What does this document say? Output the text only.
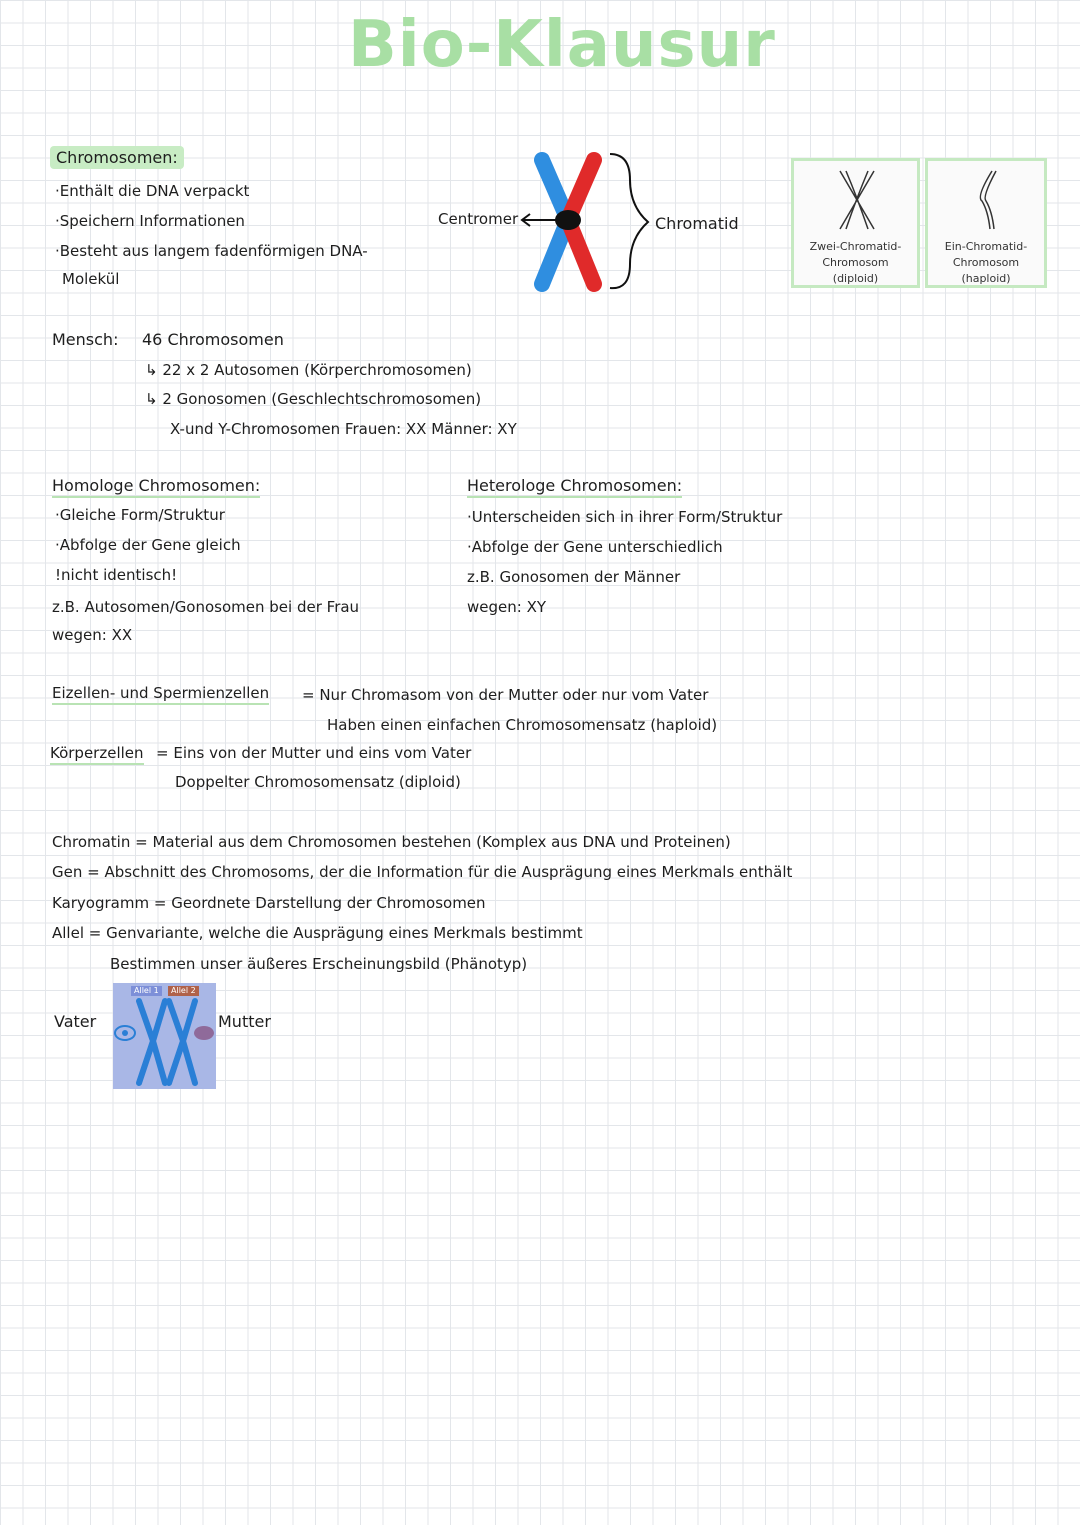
Bio-Klausur
Chromosomen:
·Enthält die DNA verpackt
·Speichern Informationen
·Besteht aus langem fadenförmigen DNA-
Molekül
Centromer	Chromatid
Zwei-Chromatid-
Chromosom
(diploid)
Ein-Chromatid-
Chromosom
(haploid)
Mensch: 46 Chromosomen
↳ 22 x 2 Autosomen (Körperchromosomen)
↳ 2 Gonosomen (Geschlechtschromosomen)
X-und Y-Chromosomen Frauen: XX Männer: XY
Homologe Chromosomen:
·Gleiche Form/Struktur
·Abfolge der Gene gleich
!nicht identisch!
z.B. Autosomen/Gonosomen bei der Frau
wegen: XX
Heterologe Chromosomen:
·Unterscheiden sich in ihrer Form/Struktur
·Abfolge der Gene unterschiedlich
z.B. Gonosomen der Männer
wegen: XY
Eizellen- und Spermienzellen = Nur Chromasom von der Mutter oder nur vom Vater
Haben einen einfachen Chromosomensatz (haploid)
Körperzellen = Eins von der Mutter und eins vom Vater
Doppelter Chromosomensatz (diploid)
Chromatin = Material aus dem Chromosomen bestehen (Komplex aus DNA und Proteinen)
Gen = Abschnitt des Chromosoms, der die Information für die Ausprägung eines Merkmals enthält
Karyogramm = Geordnete Darstellung der Chromosomen
Allel = Genvariante, welche die Ausprägung eines Merkmals bestimmt
Bestimmen unser äußeres Erscheinungsbild (Phänotyp)
Vater
Allel 1	Allel 2
Mutter
